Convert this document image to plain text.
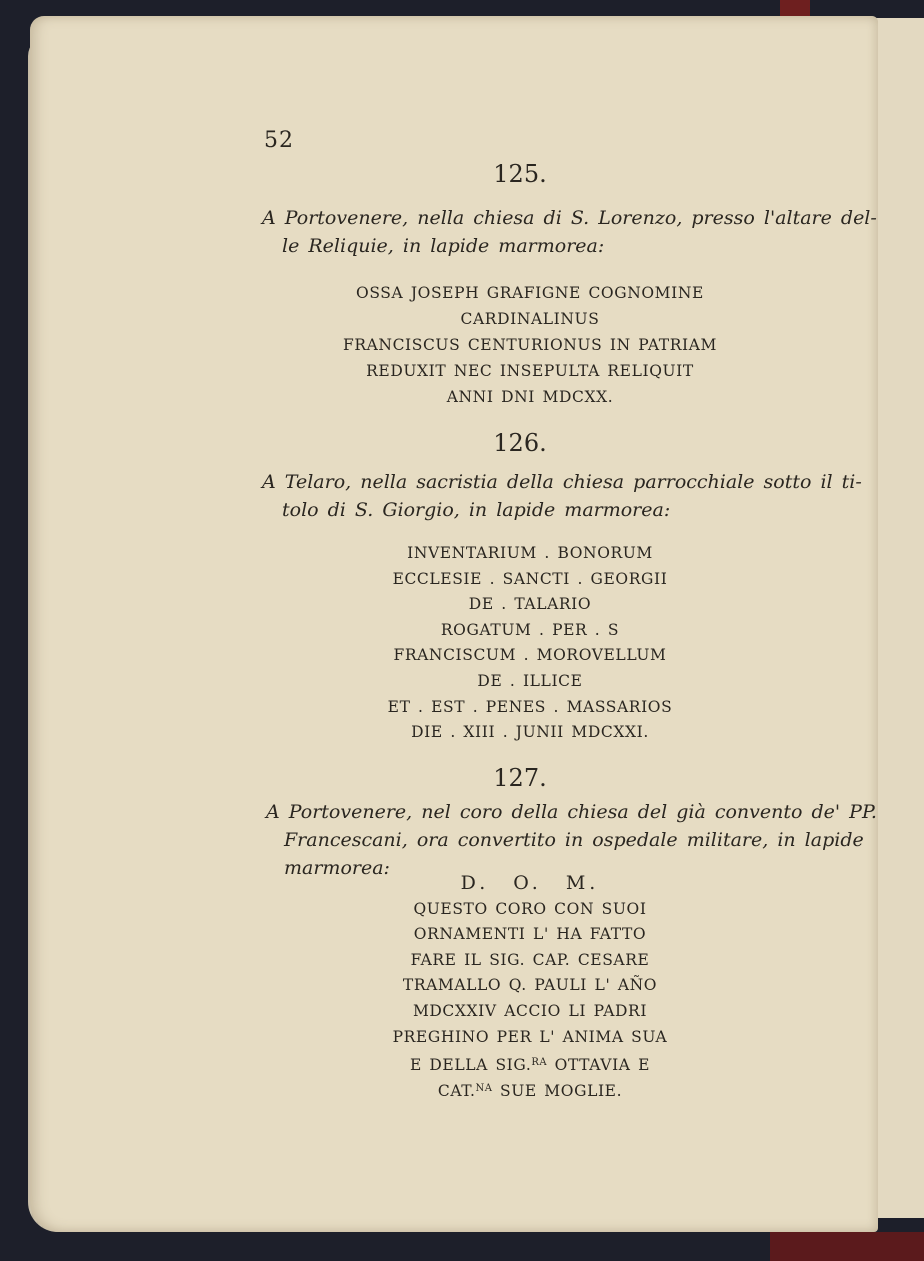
52
125.
A Portovenere, nella chiesa di S. Lorenzo, presso l'altare del-
le Reliquie, in lapide marmorea:
OSSA JOSEPH GRAFIGNE COGNOMINE
CARDINALINUS
FRANCISCUS CENTURIONUS IN PATRIAM
REDUXIT NEC INSEPULTA RELIQUIT
ANNI DNI MDCXX.
126.
A Telaro, nella sacristia della chiesa parrocchiale sotto il ti-
tolo di S. Giorgio, in lapide marmorea:
INVENTARIUM . BONORUM
ECCLESIE . SANCTI . GEORGII
DE . TALARIO
ROGATUM . PER . S
FRANCISCUM . MOROVELLUM
DE . ILLICE
ET . EST . PENES . MASSARIOS
DIE . XIII . JUNII MDCXXI.
127.
A Portovenere, nel coro della chiesa del già convento de' PP.
Francescani, ora convertito in ospedale militare, in lapide
marmorea:
D. O. M.
QUESTO CORO CON SUOI
ORNAMENTI L' HA FATTO
FARE IL SIG. CAP. CESARE
TRAMALLO Q. PAULI L' AÑO
MDCXXIV ACCIO LI PADRI
PREGHINO PER L' ANIMA SUA
E DELLA SIG.$^{RA}$ OTTAVIA E
CAT.$^{NA}$ SUE MOGLIE.
